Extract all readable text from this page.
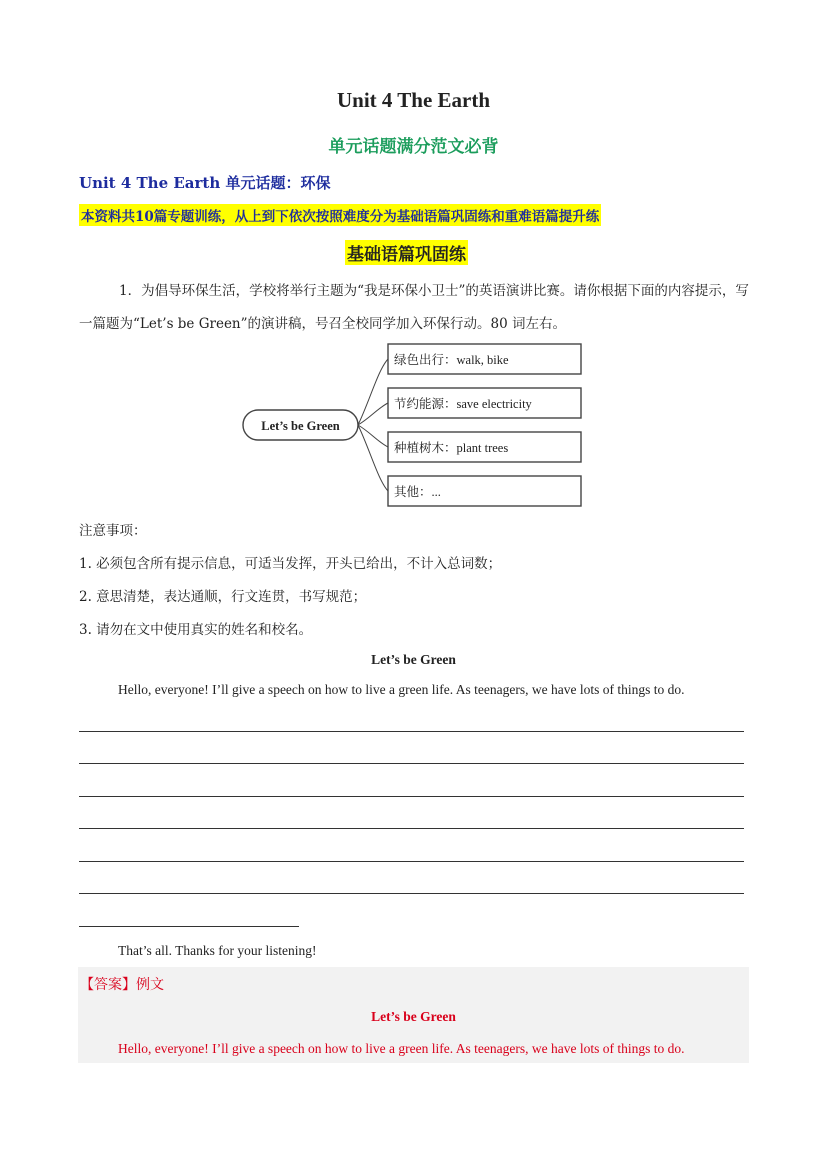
Unit 4 The Earth
单元话题满分范文必背
Unit 4 The Earth 单元话题：环保
本资料共10篇专题训练，从上到下依次按照难度分为基础语篇巩固练和重难语篇提升练
基础语篇巩固练
1．为倡导环保生活，学校将举行主题为“我是环保小卫士”的英语演讲比赛。请你根据下面的内容提示，写一篇题为“Let’s be Green”的演讲稿，号召全校同学加入环保行动。80 词左右。
Let’s be Green
绿色出行：walk, bike
节约能源：save electricity
种植树木：plant trees
其他：...
注意事项：
1. 必须包含所有提示信息，可适当发挥，开头已给出，不计入总词数；
2. 意思清楚，表达通顺，行文连贯，书写规范；
3. 请勿在文中使用真实的姓名和校名。
Let’s be Green
Hello, everyone! I’ll give a speech on how to live a green life. As teenagers, we have lots of things to do.
That’s all. Thanks for your listening!
【答案】例文
Let’s be Green
Hello, everyone! I’ll give a speech on how to live a green life. As teenagers, we have lots of things to do.
